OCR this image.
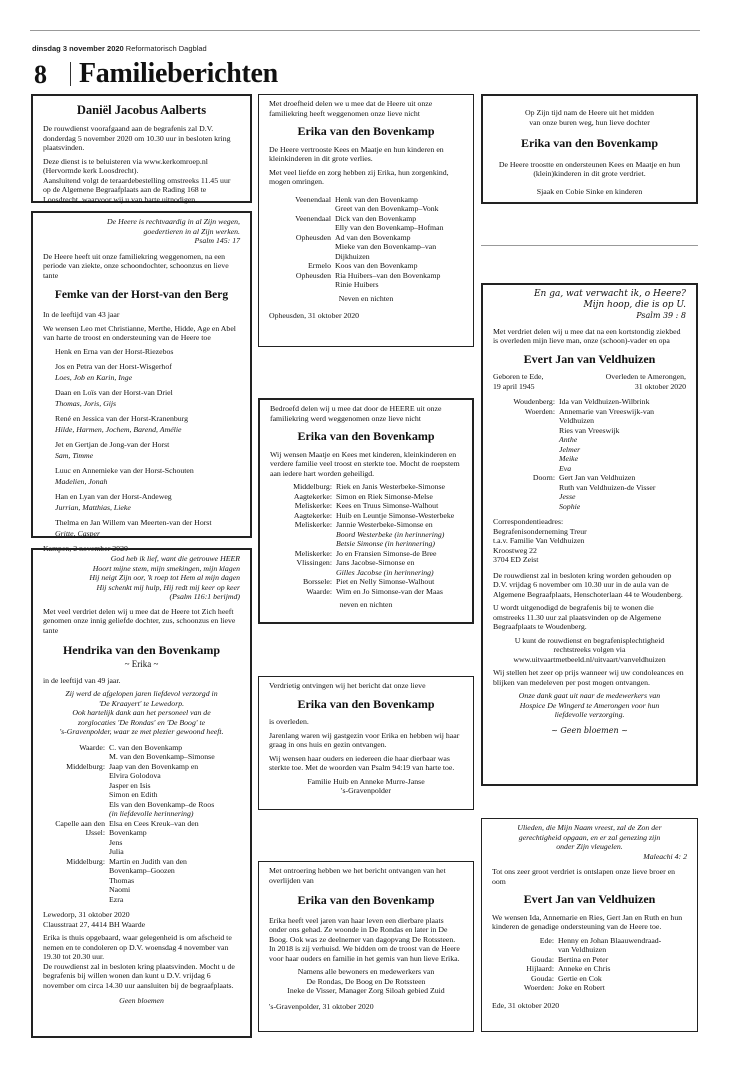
dinsdag 3 november 2020 Reformatorisch Dagblad
8 Familieberichten
Daniël Jacobus Aalberts

De rouwdienst voorafgaand aan de begrafenis zal D.V. donderdag 5 november 2020 om 10.30 uur in besloten kring plaatsvinden.

Deze dienst is te beluisteren via www.kerkomroep.nl (Hervormde kerk Loosdrecht).

Aansluitend volgt de teraardebestelling omstreeks 11.45 uur op de Algemene Begraafplaats aan de Rading 168 te Loosdrecht, waarvoor wij u van harte uitnodigen.

De Heere is rechtvaardig in al Zijn wegen,
goedertieren in al Zijn werken.
Psalm 145: 17

De Heere heeft uit onze familiekring weggenomen, na een periode van ziekte, onze schoondochter, schoonzus en lieve tante

Femke van der Horst-van den Berg

In de leeftijd van 43 jaar

We wensen Leo met Christianne, Merthe, Hidde, Age en Abel van harte de troost en ondersteuning van de Heere toe

Henk en Erna van der Horst-Riezebos

Jos en Petra van der Horst-Wisgerhof

Loes, Job en Karin, Inge

Daan en Loïs van der Horst-van Driel

Thomas, Joris, Gijs

René en Jessica van der Horst-Kranenburg

Hilde, Harmen, Jochem, Barend, Amélie

Jet en Gertjan de Jong-van der Horst

Sam, Timme

Luuc en Annemieke van der Horst-Schouten

Madelien, Jonah

Han en Lyan van der Horst-Andeweg

Jurrian, Matthias, Lieke

Thelma en Jan Willem van Meerten-van der Horst

Gritte, Casper

Kampen, 2 november 2020

God heb ik lief, want die getrouwe HEER
Hoort mijne stem, mijn smekingen, mijn klagen
Hij neigt Zijn oor, 'k roep tot Hem al mijn dagen
Hij schenkt mij hulp, Hij redt mij keer op keer
(Psalm 116:1 berijmd)

Met veel verdriet delen wij u mee dat de Heere tot Zich heeft genomen onze innig geliefde dochter, zus, schoonzus en lieve tante

Hendrika van den Bovenkamp
~ Erika ~

in de leeftijd van 49 jaar.

Zij werd de afgelopen jaren liefdevol verzorgd in
'De Kraayert' te Lewedorp.
Ook hartelijk dank aan het personeel van de
zorglocaties 'De Rondas' en 'De Boog' te
's-Gravenpolder, waar ze met plezier gewoond heeft.
Waarde: C. van den Bovenkamp
M. van den Bovenkamp–Simonse
Middelburg: Jaap van den Bovenkamp en
Elvira Golodova
Jasper en Isis
Simon en Edith
Els van den Bovenkamp–de Roos
(in liefdevolle herinnering)
Capelle aan den IJssel:
Elsa en Cees Kreuk–van den
Bovenkamp
Jens
Julia
Middelburg: Martin en Judith van den
Bovenkamp–Goozen
Thomas
Naomi
Ezra

Lewedorp, 31 oktober 2020

Clausstraat 27, 4414 BH Waarde

Erika is thuis opgebaard, waar gelegenheid is om afscheid te nemen en te condoleren op D.V. woensdag 4 november van 19.30 tot 20.30 uur.

De rouwdienst zal in besloten kring plaatsvinden. Mocht u de begrafenis bij willen wonen dan kunt u D.V. vrijdag 6 november om circa 14.30 uur aansluiten bij de begraafplaats.

Geen bloemen

Met droefheid delen we u mee dat de Heere uit onze familiekring heeft weggenomen onze lieve nicht

Erika van den Bovenkamp

De Heere vertrooste Kees en Maatje en hun kinderen en kleinkinderen in dit grote verlies.

Met veel liefde en zorg hebben zij Erika, hun zorgenkind, mogen omringen.

Veenendaal Henk van den Bovenkamp
Greet van den Bovenkamp–Vonk
Veenendaal Dick van den Bovenkamp
Elly van den Bovenkamp–Hofman
Opheusden Ad van den Bovenkamp
Mieke van den Bovenkamp–van
Dijkhuizen
Ermelo Koos van den Bovenkamp
Opheusden Ria Huibers–van den Bovenkamp
Rinie Huibers
Neven en nichten

Opheusden, 31 oktober 2020

Bedroefd delen wij u mee dat door de HEERE uit onze familiekring werd weggenomen onze lieve nicht

Erika van den Bovenkamp

Wij wensen Maatje en Kees met kinderen, kleinkinderen en verdere familie veel troost en sterkte toe. Mocht de roepstem aan iedere hart worden geheiligd.

Middelburg: Riek en Janis Westerbeke-Simonse
Aagtekerke: Simon en Riek Simonse-Melse
Meliskerke: Kees en Truus Simonse-Walhout
Aagtekerke: Huib en Leuntje Simonse-Westerbeke
Meliskerke: Jannie Westerbeke-Simonse en
Boord Westerbeke (in herinnering)
Betsie Simonse (in herinnering)
Meliskerke: Jo en Fransien Simonse-de Bree
Vlissingen: Jans Jacobse-Simonse en
Gilles Jacobse (in herinnering)
Borssele: Piet en Nelly Simonse-Walhout
Waarde: Wim en Jo Simonse-van der Maas
neven en nichten

Verdrietig ontvingen wij het bericht dat onze lieve

Erika van den Bovenkamp

is overleden.

Jarenlang waren wij gastgezin voor Erika en hebben wij haar graag in ons huis en gezin ontvangen.

Wij wensen haar ouders en iedereen die haar dierbaar was sterkte toe. Met de woorden van Psalm 94:19 van harte toe.

Familie Huib en Anneke Murre-Janse
's-Gravenpolder

Met ontroering hebben we het bericht ontvangen van het overlijden van

Erika van den Bovenkamp

Erika heeft veel jaren van haar leven een dierbare plaats onder ons gehad. Ze woonde in De Rondas en later in De Boog. Ook was ze deelnemer van dagopvang De Rotssteen. In 2018 is zij verhuisd. We bidden om de troost van de Heere voor haar ouders en familie in het gemis van hun lieve Erika.

Namens alle bewoners en medewerkers van
De Rondas, De Boog en De Rotssteen
Ineke de Visser, Manager Zorg Siloah gebied Zuid

's-Gravenpolder, 31 oktober 2020

Op Zijn tijd nam de Heere uit het midden
van onze buren weg, hun lieve dochter
Erika van den Bovenkamp

De Heere troostte en ondersteunen Kees en Maatje en hun (klein)kinderen in dit grote verdriet.

Sjaak en Cobie Sinke en kinderen
En ga, wat verwacht ik, o Heere?
Mijn hoop, die is op U.
Psalm 39 : 8

Met verdriet delen wij u mee dat na een kortstondig ziekbed is overleden mijn lieve man, onze (schoon)-vader en opa

Evert Jan van Veldhuizen
Geboren te Ede,
19 april 1945
Overleden te Amerongen,
31 oktober 2020
Woudenberg: Ida van Veldhuizen-Wilbrink
Woerden: Annemarie van Vreeswijk-van
Veldhuizen
Ries van Vreeswijk
Anthe
Jelmer
Meike
Eva
Doorn: Gert Jan van Veldhuizen
Ruth van Veldhuizen-de Visser
Jesse
Sophie
Correspondentieadres:
Begrafenisonderneming Treur
t.a.v. Familie Van Veldhuizen
Kroostweg 22
3704 ED Zeist

De rouwdienst zal in besloten kring worden gehouden op D.V. vrijdag 6 november om 10.30 uur in de aula van de Algemene Begraafplaats, Henschoterlaan 44 te Woudenberg.

U wordt uitgenodigd de begrafenis bij te wonen die omstreeks 11.30 uur zal plaatsvinden op de Algemene Begraafplaats te Woudenberg.

U kunt de rouwdienst en begrafenisplechtigheid
rechtstreeks volgen via
www.uitvaartmetbeeld.nl/uitvaart/vanveldhuizen

Wij stellen het zeer op prijs wanneer wij uw condoleances en blijken van medeleven per post mogen ontvangen.

Onze dank gaat uit naar de medewerkers van
Hospice De Wingerd te Amerongen voor hun
liefdevolle verzorging.
~ Geen bloemen ~
Ulieden, die Mijn Naam vreest, zal de Zon der
gerechtigheid opgaan, en er zal genezing zijn
onder Zijn vleugelen.
Maleachi 4: 2

Tot ons zeer groot verdriet is ontslapen onze lieve broer en oom

Evert Jan van Veldhuizen

We wensen Ida, Annemarie en Ries, Gert Jan en Ruth en hun kinderen de genadige ondersteuning van de Heere toe.

Ede: Henny en Johan Blaauwendraad-
van Veldhuizen
Gouda: Bertina en Peter
Hijlaard: Anneke en Chris
Gouda: Gertie en Cok
Woerden: Joke en Robert

Ede, 31 oktober 2020
